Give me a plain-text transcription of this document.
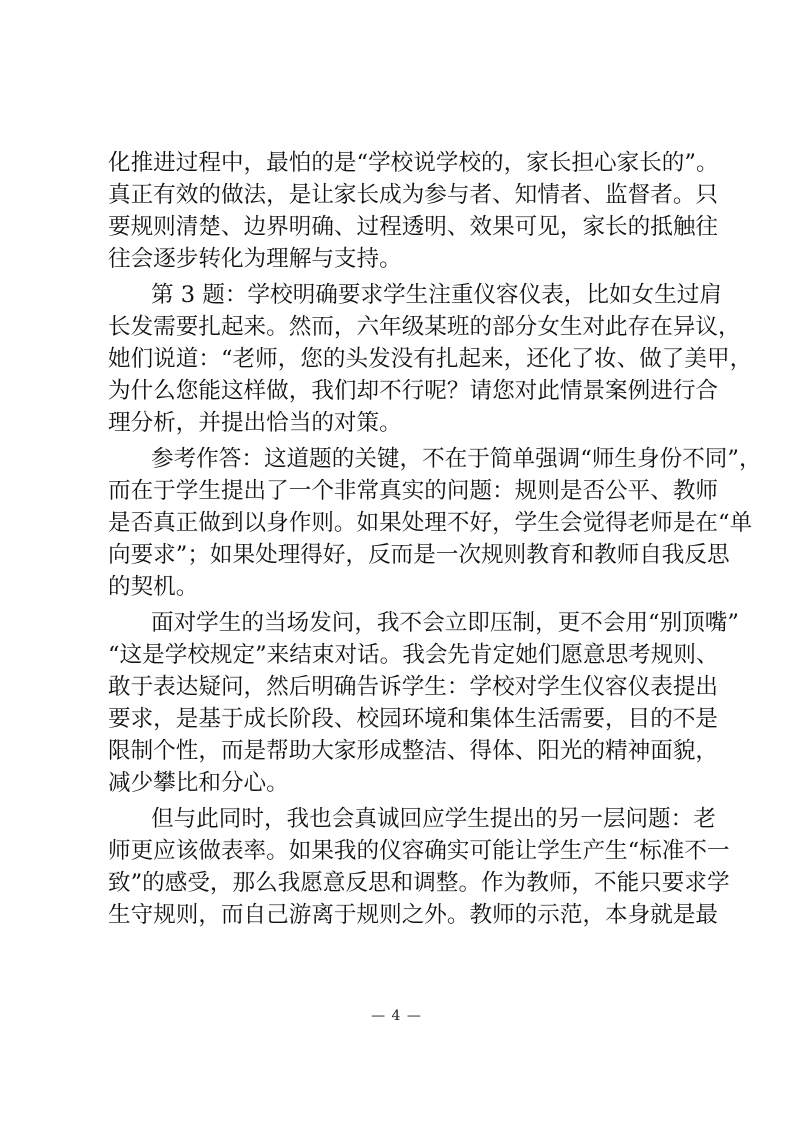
化推进过程中，最怕的是“学校说学校的，家长担心家长的”。
真正有效的做法，是让家长成为参与者、知情者、监督者。只
要规则清楚、边界明确、过程透明、效果可见，家长的抵触往
往会逐步转化为理解与支持。
第 3 题：学校明确要求学生注重仪容仪表，比如女生过肩
长发需要扎起来。然而，六年级某班的部分女生对此存在异议，
她们说道：“老师，您的头发没有扎起来，还化了妆、做了美甲，
为什么您能这样做，我们却不行呢？请您对此情景案例进行合
理分析，并提出恰当的对策。
参考作答：这道题的关键，不在于简单强调“师生身份不同”，
而在于学生提出了一个非常真实的问题：规则是否公平、教师
是否真正做到以身作则。如果处理不好，学生会觉得老师是在“单
向要求”；如果处理得好，反而是一次规则教育和教师自我反思
的契机。
面对学生的当场发问，我不会立即压制，更不会用“别顶嘴”
“这是学校规定”来结束对话。我会先肯定她们愿意思考规则、
敢于表达疑问，然后明确告诉学生：学校对学生仪容仪表提出
要求，是基于成长阶段、校园环境和集体生活需要，目的不是
限制个性，而是帮助大家形成整洁、得体、阳光的精神面貌，
减少攀比和分心。
但与此同时，我也会真诚回应学生提出的另一层问题：老
师更应该做表率。如果我的仪容确实可能让学生产生“标准不一
致”的感受，那么我愿意反思和调整。作为教师，不能只要求学
生守规则，而自己游离于规则之外。教师的示范，本身就是最
— 4 —
